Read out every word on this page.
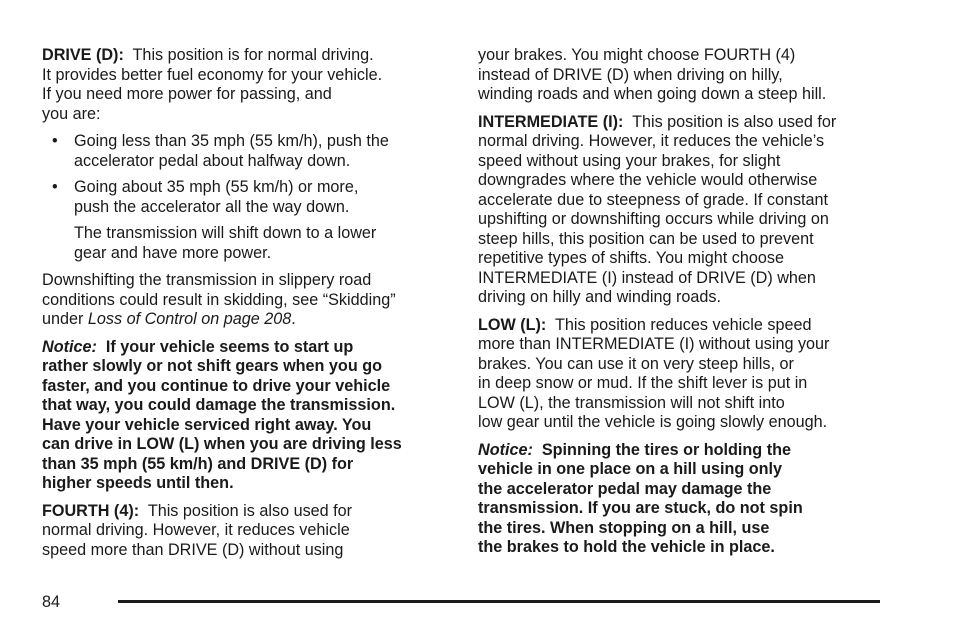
DRIVE (D): This position is for normal driving.
It provides better fuel economy for your vehicle.
If you need more power for passing, and
you are:

• Going less than 35 mph (55 km/h), push the
accelerator pedal about halfway down.
• Going about 35 mph (55 km/h) or more,
push the accelerator all the way down.

The transmission will shift down to a lower
gear and have more power.

Downshifting the transmission in slippery road
conditions could result in skidding, see “Skidding”
under Loss of Control on page 208.

Notice: If your vehicle seems to start up
rather slowly or not shift gears when you go
faster, and you continue to drive your vehicle
that way, you could damage the transmission.
Have your vehicle serviced right away. You
can drive in LOW (L) when you are driving less
than 35 mph (55 km/h) and DRIVE (D) for
higher speeds until then.

FOURTH (4): This position is also used for
normal driving. However, it reduces vehicle
speed more than DRIVE (D) without using

your brakes. You might choose FOURTH (4)
instead of DRIVE (D) when driving on hilly,
winding roads and when going down a steep hill.

INTERMEDIATE (I): This position is also used for
normal driving. However, it reduces the vehicle’s
speed without using your brakes, for slight
downgrades where the vehicle would otherwise
accelerate due to steepness of grade. If constant
upshifting or downshifting occurs while driving on
steep hills, this position can be used to prevent
repetitive types of shifts. You might choose
INTERMEDIATE (I) instead of DRIVE (D) when
driving on hilly and winding roads.

LOW (L): This position reduces vehicle speed
more than INTERMEDIATE (I) without using your
brakes. You can use it on very steep hills, or
in deep snow or mud. If the shift lever is put in
LOW (L), the transmission will not shift into
low gear until the vehicle is going slowly enough.

Notice: Spinning the tires or holding the
vehicle in one place on a hill using only
the accelerator pedal may damage the
transmission. If you are stuck, do not spin
the tires. When stopping on a hill, use
the brakes to hold the vehicle in place.

84
